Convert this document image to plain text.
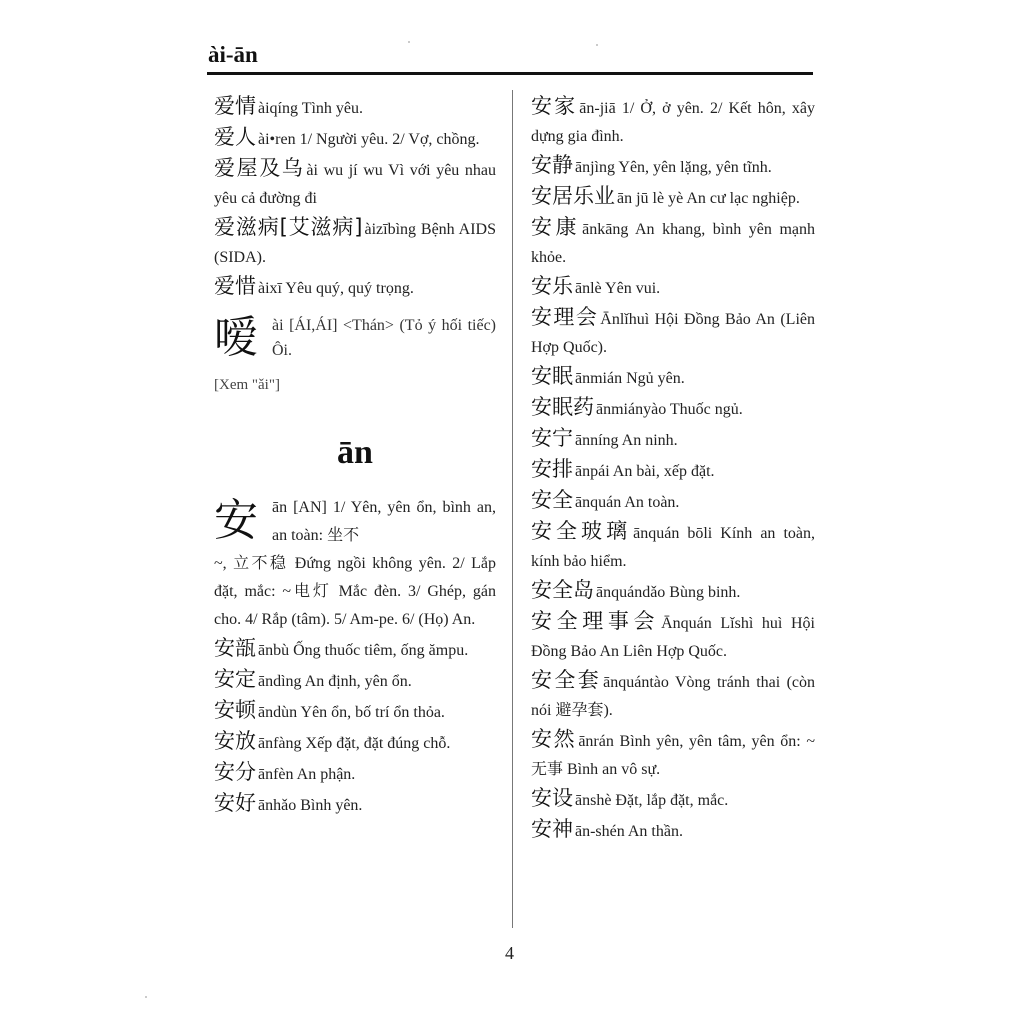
ài-ān

爱情 àiqíng Tình yêu.

爱人 ài•ren 1/ Người yêu. 2/ Vợ, chồng.

爱屋及乌 ài wu jí wu Vì với yêu nhau yêu cả đường đi

爱滋病[艾滋病] àizībìng Bệnh AIDS (SIDA).

爱惜 àixī Yêu quý, quý trọng.

嗳 ài [ÁI,ÁI] <Thán> (Tỏ ý hối tiếc) Ôi.

[Xem "ǎi"]
ān
安 ān [AN] 1/ Yên, yên ổn, bình an, an toàn: 坐不

~, 立不稳 Đứng ngồi không yên. 2/ Lắp đặt, mắc: ~电灯 Mắc đèn. 3/ Ghép, gán cho. 4/ Rắp (tâm). 5/ Am-pe. 6/ (Họ) An.

安瓿 ānbù Ống thuốc tiêm, ống ămpu.

安定 āndìng An định, yên ổn.

安顿 āndùn Yên ổn, bố trí ổn thỏa.

安放 ānfàng Xếp đặt, đặt đúng chỗ.

安分 ānfèn An phận.

安好 ānhǎo Bình yên.

安家 ān-jiā 1/ Ở, ở yên. 2/ Kết hôn, xây dựng gia đình.

安静 ānjìng Yên, yên lặng, yên tĩnh.

安居乐业 ān jū lè yè An cư lạc nghiệp.

安康 ānkāng An khang, bình yên mạnh khỏe.

安乐 ānlè Yên vui.

安理会 Ānlǐhuì Hội Đồng Bảo An (Liên Hợp Quốc).

安眠 ānmián Ngủ yên.

安眠药 ānmiányào Thuốc ngủ.

安宁 ānníng An ninh.

安排 ānpái An bài, xếp đặt.

安全 ānquán An toàn.

安全玻璃 ānquán bōli Kính an toàn, kính bảo hiểm.

安全岛 ānquándǎo Bùng binh.

安全理事会 Ānquán Lǐshì huì Hội Đồng Bảo An Liên Hợp Quốc.

安全套 ānquántào Vòng tránh thai (còn nói 避孕套).

安然 ānrán Bình yên, yên tâm, yên ổn: ~ 无事 Bình an vô sự.

安设 ānshè Đặt, lắp đặt, mắc.

安神 ān-shén An thần.

4
